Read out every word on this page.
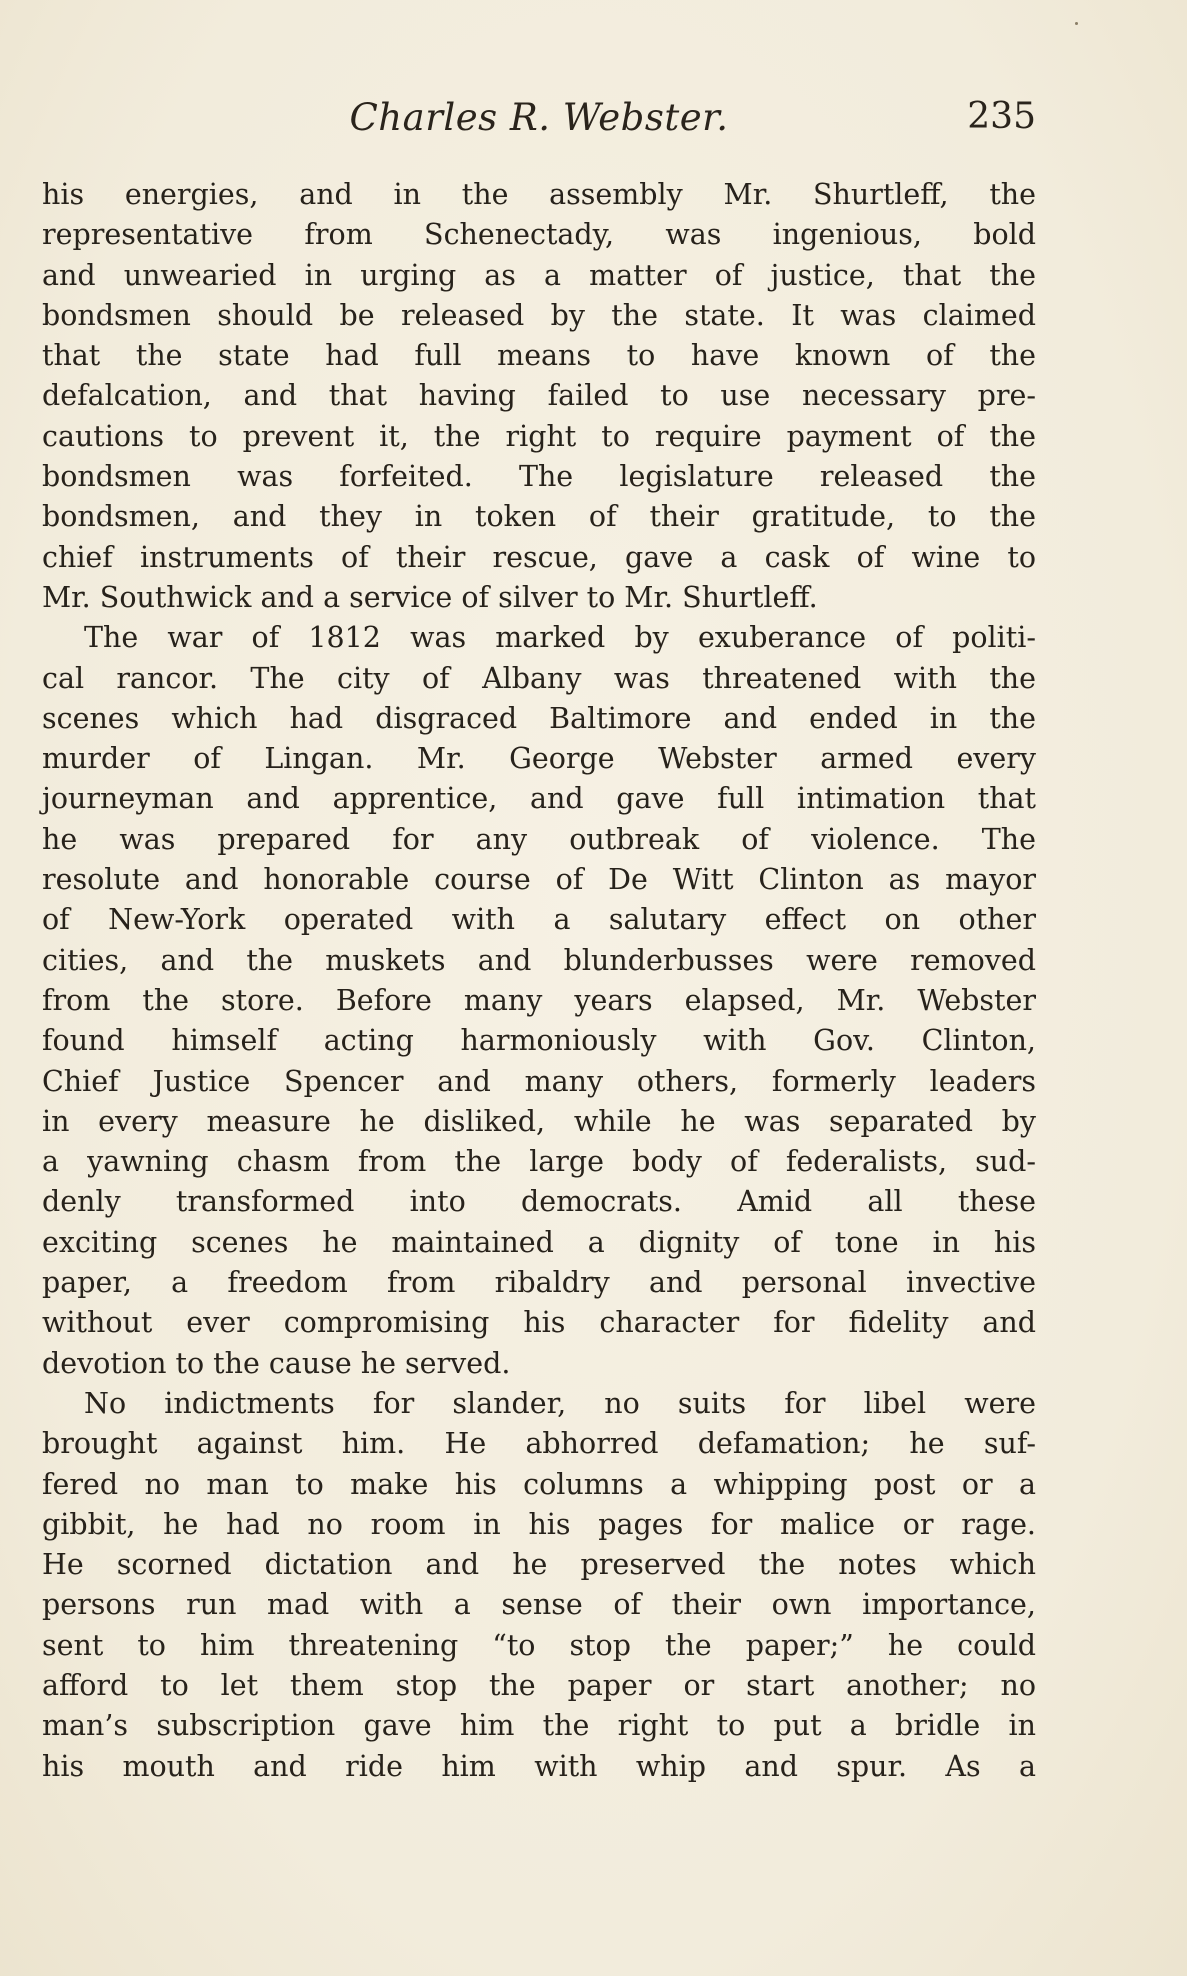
Charles R. Webster.	235
his energies, and in the assembly Mr. Shurtleff, the
representative from Schenectady, was ingenious, bold
and unwearied in urging as a matter of justice, that the
bondsmen should be released by the state. It was claimed
that the state had full means to have known of the
defalcation, and that having failed to use necessary pre-
cautions to prevent it, the right to require payment of the
bondsmen was forfeited. The legislature released the
bondsmen, and they in token of their gratitude, to the
chief instruments of their rescue, gave a cask of wine to
Mr. Southwick and a service of silver to Mr. Shurtleff.
The war of 1812 was marked by exuberance of politi-
cal rancor. The city of Albany was threatened with the
scenes which had disgraced Baltimore and ended in the
murder of Lingan. Mr. George Webster armed every
journeyman and apprentice, and gave full intimation that
he was prepared for any outbreak of violence. The
resolute and honorable course of De Witt Clinton as mayor
of New-York operated with a salutary effect on other
cities, and the muskets and blunderbusses were removed
from the store. Before many years elapsed, Mr. Webster
found himself acting harmoniously with Gov. Clinton,
Chief Justice Spencer and many others, formerly leaders
in every measure he disliked, while he was separated by
a yawning chasm from the large body of federalists, sud-
denly transformed into democrats. Amid all these
exciting scenes he maintained a dignity of tone in his
paper, a freedom from ribaldry and personal invective
without ever compromising his character for fidelity and
devotion to the cause he served.
No indictments for slander, no suits for libel were
brought against him. He abhorred defamation; he suf-
fered no man to make his columns a whipping post or a
gibbit, he had no room in his pages for malice or rage.
He scorned dictation and he preserved the notes which
persons run mad with a sense of their own importance,
sent to him threatening “to stop the paper;” he could
afford to let them stop the paper or start another; no
man’s subscription gave him the right to put a bridle in
his mouth and ride him with whip and spur. As a
